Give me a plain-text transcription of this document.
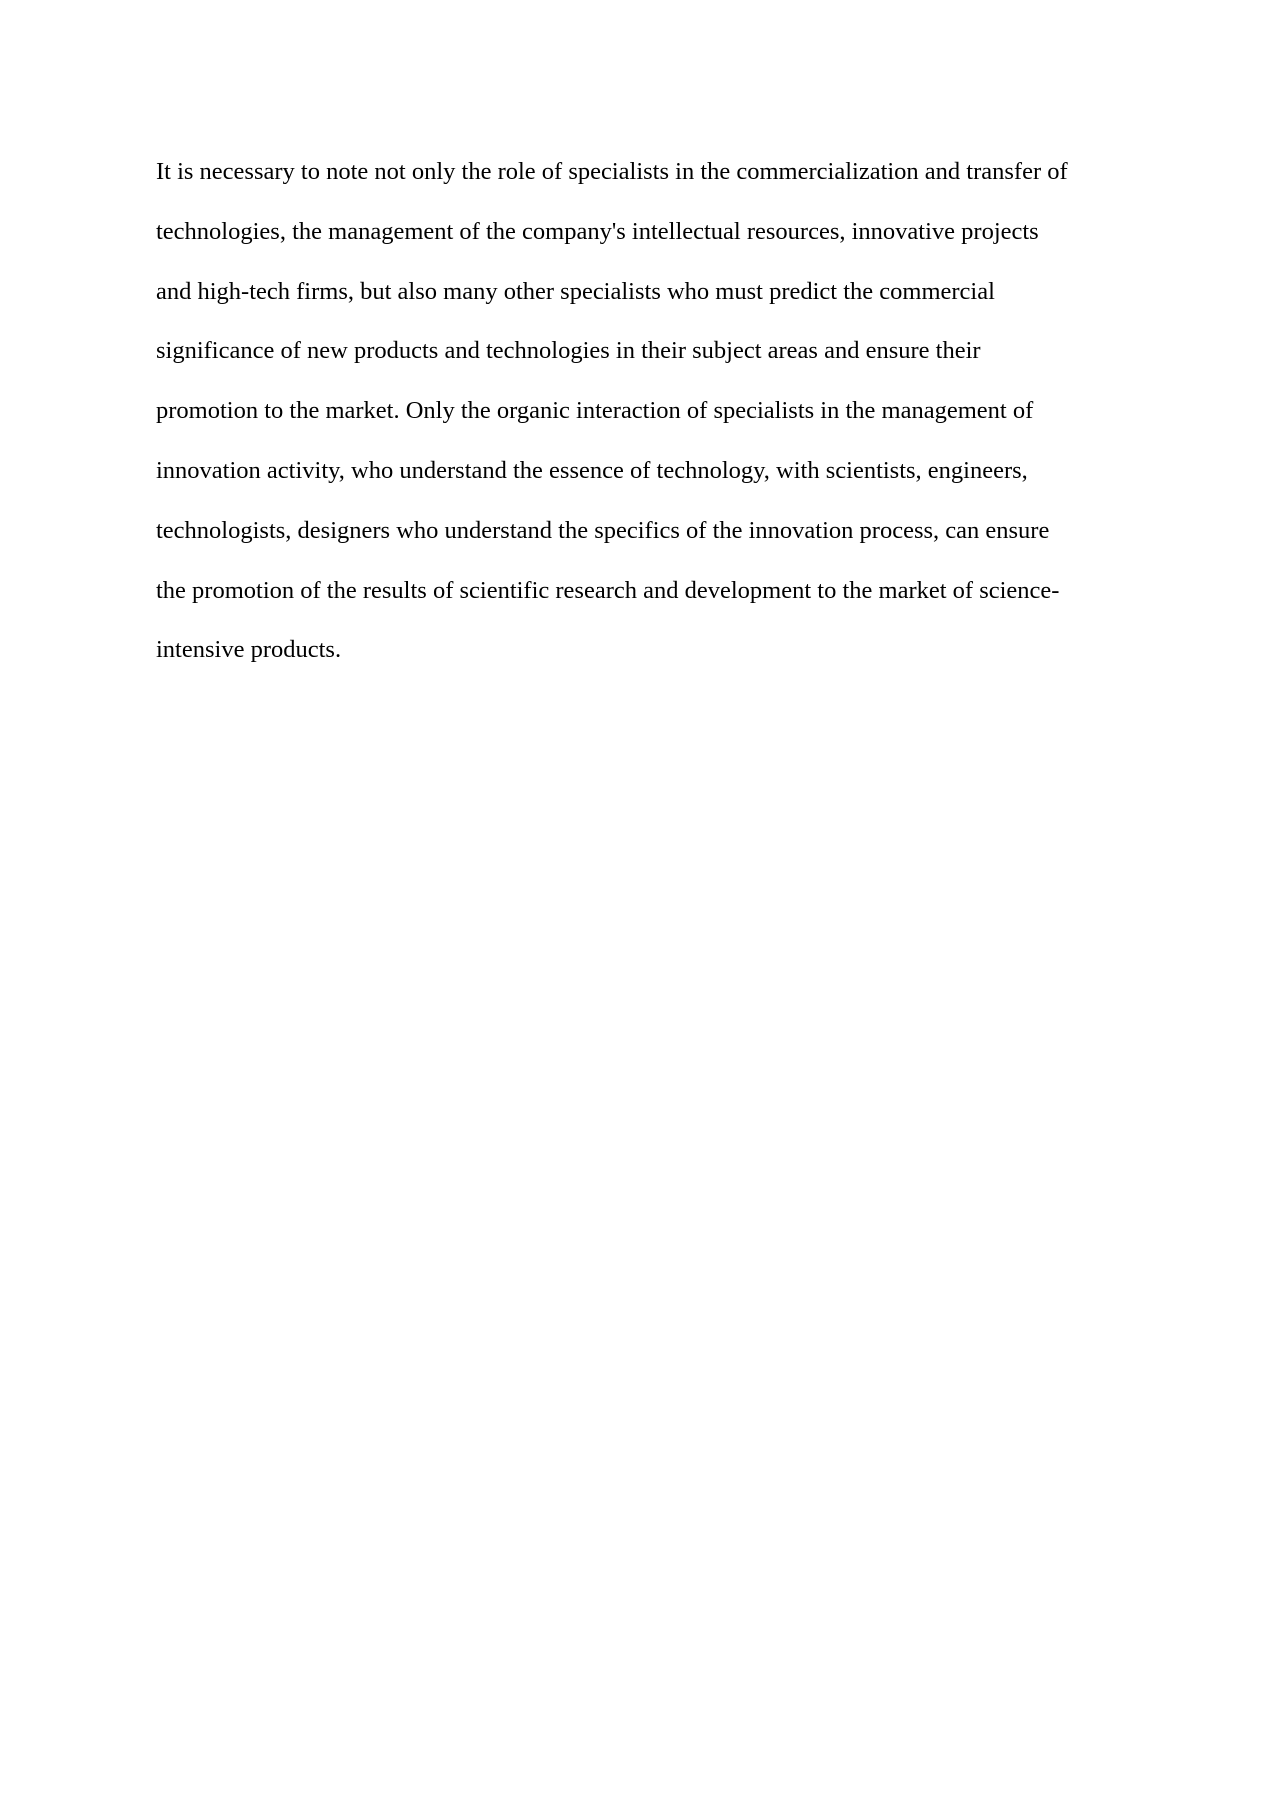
It is necessary to note not only the role of specialists in the commercialization and transfer of
technologies, the management of the company's intellectual resources, innovative projects
and high-tech firms, but also many other specialists who must predict the commercial
significance of new products and technologies in their subject areas and ensure their
promotion to the market. Only the organic interaction of specialists in the management of
innovation activity, who understand the essence of technology, with scientists, engineers,
technologists, designers who understand the specifics of the innovation process, can ensure
the promotion of the results of scientific research and development to the market of science-
intensive products.
